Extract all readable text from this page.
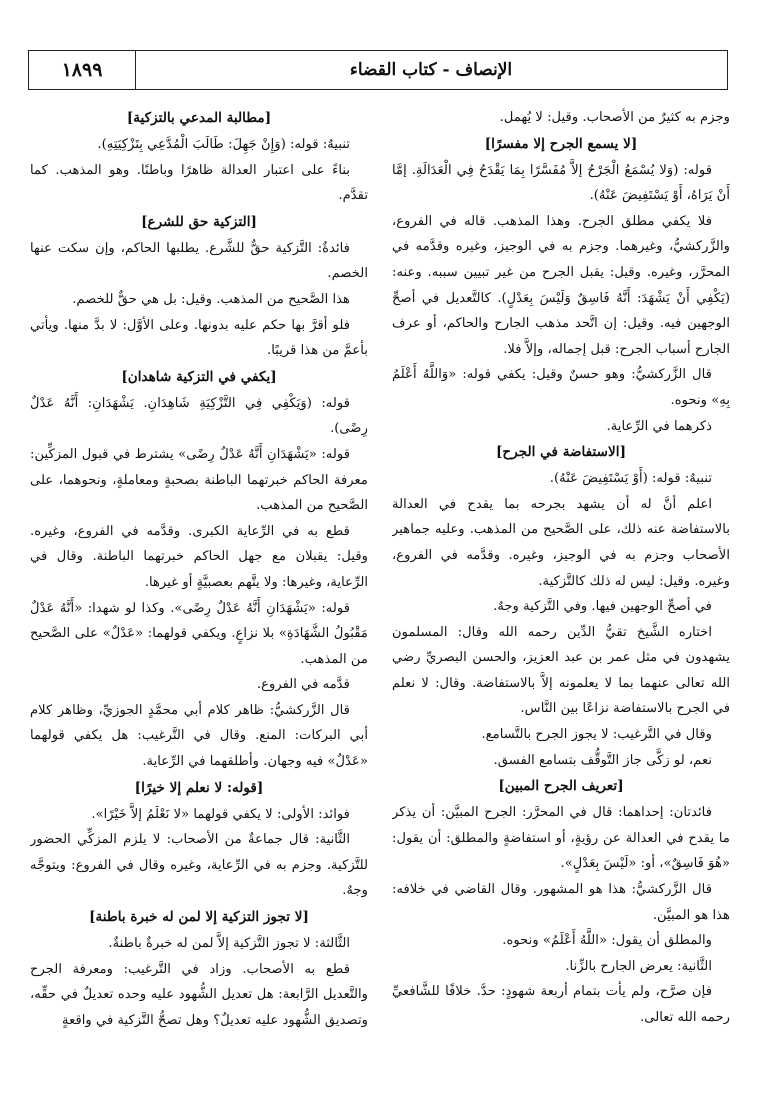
١٨٩٩	الإنصاف - كتاب القضاء

وجزم به كثيرٌ من الأصحاب. وقيل: لا يُهمل.

[لا يسمع الجرح إلا مفسرًا]

قوله: (وَلا يُسْمَعُ الْجَرْحُ إلاَّ مُفَسَّرًا بِمَا يَقْدَحُ فِي الْعَدَالَةِ. إمَّا أَنْ يَرَاهُ، أَوْ يَسْتَفِيضَ عَنْهُ).

فلا يكفي مطلق الجرح. وهذا المذهب. قاله في الفروع، والزَّركشيُّ، وغيرهما. وجزم به في الوجيز، وغيره وقدَّمه في المحرَّر، وغيره. وقيل: يقبل الجرح من غير تبيين سببه. وعنه: (يَكْفِي أَنْ يَشْهَدَ: أَنَّهُ فَاسِقٌ وَلَيْسَ بِعَدْلٍ). كالتَّعديل في أصحِّ الوجهين فيه. وقيل: إن اتَّحد مذهب الجارح والحاكم، أو عرف الجارح أسباب الجرح: قبل إجماله، وإلاَّ فلا.

قال الزَّركشيُّ: وهو حسنٌ وقيل: يكفي قوله: «وَاللَّهُ أَعْلَمُ بِهِ» ونحوه.

ذكرهما في الرِّعاية.

[الاستفاضة في الجرح]

تنبيهٌ: قوله: (أَوْ يَسْتَفِيضَ عَنْهُ).

اعلم أنَّ له أن يشهد بجرحه بما يقدح في العدالة بالاستفاضة عنه ذلك، على الصَّحيح من المذهب. وعليه جماهير الأصحاب وجزم به في الوجيز، وغيره. وقدَّمه في الفروع، وغيره. وقيل: ليس له ذلك كالتَّزكية.

في أصحِّ الوجهين فيها. وفي التَّزكية وجهٌ.

اختاره الشَّيخ تقيُّ الدِّين رحمه الله وقال: المسلمون يشهدون في مثل عمر بن عبد العزيز، والحسن البصريِّ رضي الله تعالى عنهما بما لا يعلمونه إلاَّ بالاستفاضة. وقال: لا نعلم في الجرح بالاستفاضة نزاعًا بين النَّاس.

وقال في التَّرغيب: لا يجوز الجرح بالتَّسامع.

نعم، لو زكَّى جاز التَّوقُّف بتسامع الفسق.

[تعريف الجرح المبين]

فائدتان: إحداهما: قال في المحرَّر: الجرح المبيَّن: أن يذكر ما يقدح في العدالة عن رؤيةٍ، أو استفاضةٍ والمطلق: أن يقول: «هُوَ فَاسِقٌ»، أو: «لَيْسَ بِعَدْلٍ».

قال الزَّركشيُّ: هذا هو المشهور. وقال القاضي في خلافه: هذا هو المبيَّن.

والمطلق أن يقول: «اللَّهُ أَعْلَمُ» ونحوه.

الثَّانية: يعرض الجارح بالزِّنا.

فإن صرَّح، ولم يأت بتمام أربعة شهودٍ: حدَّ. خلافًا للشَّافعيِّ رحمه الله تعالى.

[مطالبة المدعي بالتزكية]

تنبيهٌ: قوله: (وَإِنْ جَهِلَ: طَالَبَ الْمُدَّعِي بِتَزْكِيَتِهِ).

بناءً على اعتبار العدالة ظاهرًا وباطنًا. وهو المذهب. كما تقدَّم.

[التزكية حق للشرع]

فائدةٌ: التَّزكية حقٌّ للشَّرع. يطلبها الحاكم، وإن سكت عنها الخصم.

هذا الصَّحيح من المذهب. وقيل: بل هي حقٌّ للخصم.

فلو أقرَّ بها حكم عليه بدونها. وعلى الأوَّل: لا بدَّ منها. ويأتي بأعمَّ من هذا قريبًا.

[يكفي في التزكية شاهدان]

قوله: (وَيَكْفِي فِي التَّزْكِيَةِ شَاهِدَانِ. يَشْهَدَانِ: أَنَّهُ عَدْلٌ رِضًى).

قوله: «يَشْهَدَانِ أَنَّهُ عَدْلٌ رِضًى» يشترط في قبول المزكِّين: معرفة الحاكم خبرتهما الباطنة بصحبةٍ ومعاملةٍ، ونحوهما، على الصَّحيح من المذهب.

قطع به في الرِّعاية الكبرى. وقدَّمه في الفروع، وغيره. وقيل: يقبلان مع جهل الحاكم خبرتهما الباطنة. وقال في الرِّعاية، وغيرها: ولا يتَّهم بعصبيَّةٍ أو غيرها.

قوله: «يَشْهَدَانِ أَنَّهُ عَدْلٌ رِضًى». وكذا لو شهدا: «أَنَّهُ عَدْلٌ مَقْبُولُ الشَّهَادَةِ» بلا نزاعٍ. ويكفي قولهما: «عَدْلٌ» على الصَّحيح من المذهب.

قدَّمه في الفروع.

قال الزَّركشيُّ: ظاهر كلام أبي محمَّدٍ الجوزيِّ، وظاهر كلام أبي البركات: المنع. وقال في التَّرغيب: هل يكفي قولهما «عَدْلٌ» فيه وجهان. وأطلقهما في الرِّعاية.

[قوله: لا نعلم إلا خيرًا]

فوائد: الأولى: لا يكفي قولهما «لا نَعْلَمُ إلاَّ خَيْرًا».

الثَّانية: قال جماعةٌ من الأصحاب: لا يلزم المزكِّي الحضور للتَّزكية. وجزم به في الرِّعاية، وغيره وقال في الفروع: ويتوجَّه وجهٌ.

[لا تجوز التزكية إلا لمن له خبرة باطنة]

الثَّالثة: لا تجوز التَّزكية إلاَّ لمن له خبرةٌ باطنةٌ.

قطع به الأصحاب. وزاد في التَّرغيب: ومعرفة الجرح والتَّعديل الرَّابعة: هل تعديل الشُّهود عليه وحده تعديلٌ في حقِّه، وتصديق الشُّهود عليه تعديلٌ؟ وهل تصحُّ التَّزكية في واقعةٍ
